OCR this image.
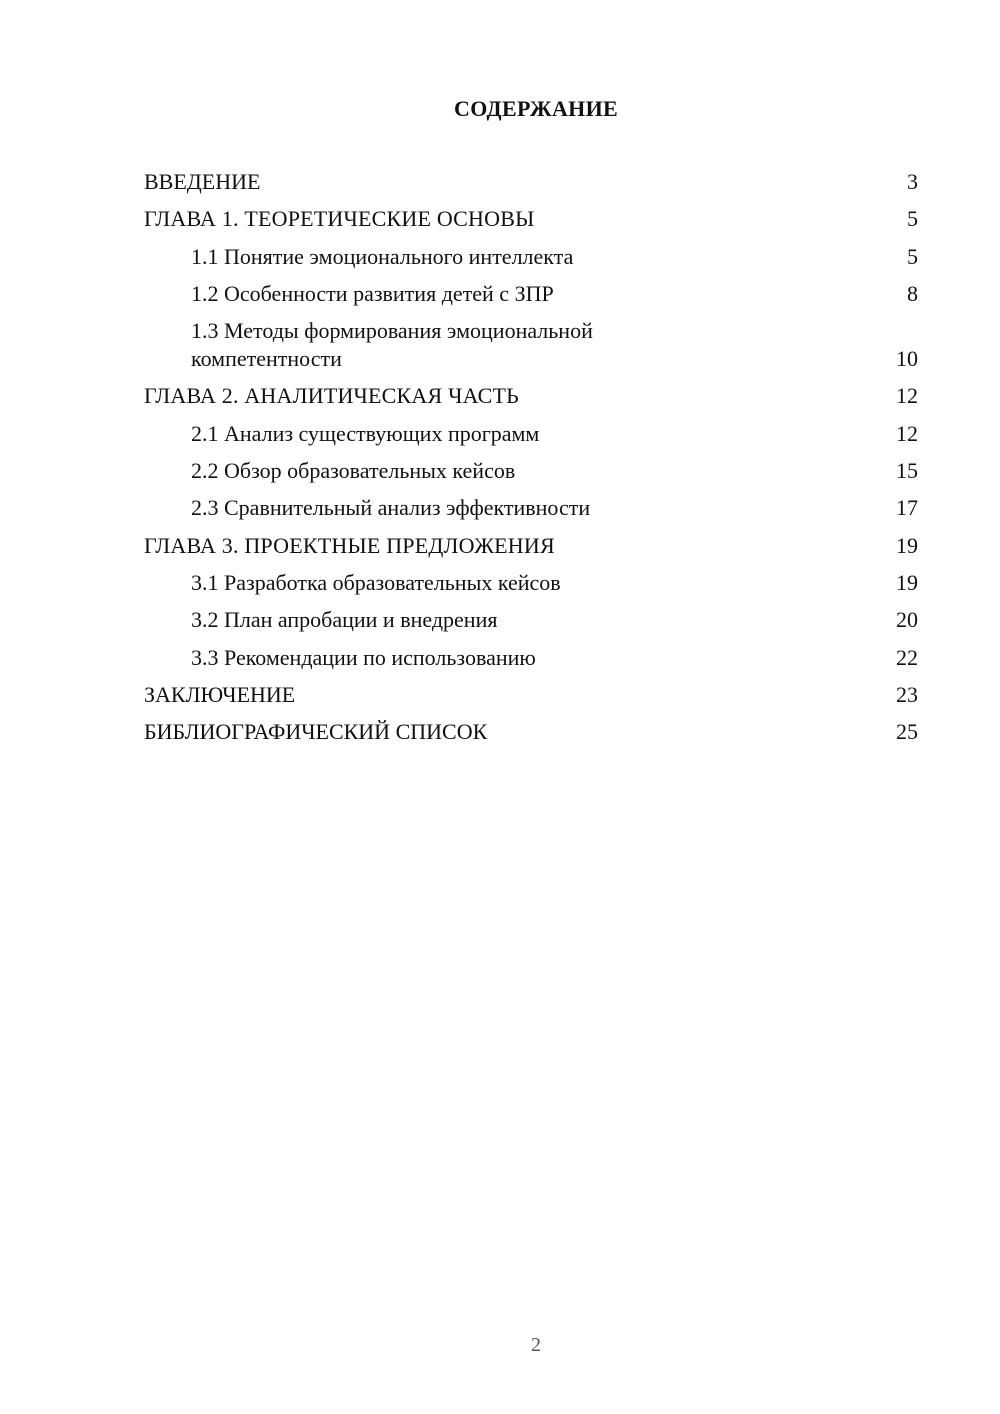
СОДЕРЖАНИЕ
ВВЕДЕНИЕ	3
ГЛАВА 1. ТЕОРЕТИЧЕСКИЕ ОСНОВЫ	5
1.1 Понятие эмоционального интеллекта	5
1.2 Особенности развития детей с ЗПР	8
1.3 Методы формирования эмоциональной
компетентности	10
ГЛАВА 2. АНАЛИТИЧЕСКАЯ ЧАСТЬ	12
2.1 Анализ существующих программ	12
2.2 Обзор образовательных кейсов	15
2.3 Сравнительный анализ эффективности	17
ГЛАВА 3. ПРОЕКТНЫЕ ПРЕДЛОЖЕНИЯ	19
3.1 Разработка образовательных кейсов	19
3.2 План апробации и внедрения	20
3.3 Рекомендации по использованию	22
ЗАКЛЮЧЕНИЕ	23
БИБЛИОГРАФИЧЕСКИЙ СПИСОК	25
2
